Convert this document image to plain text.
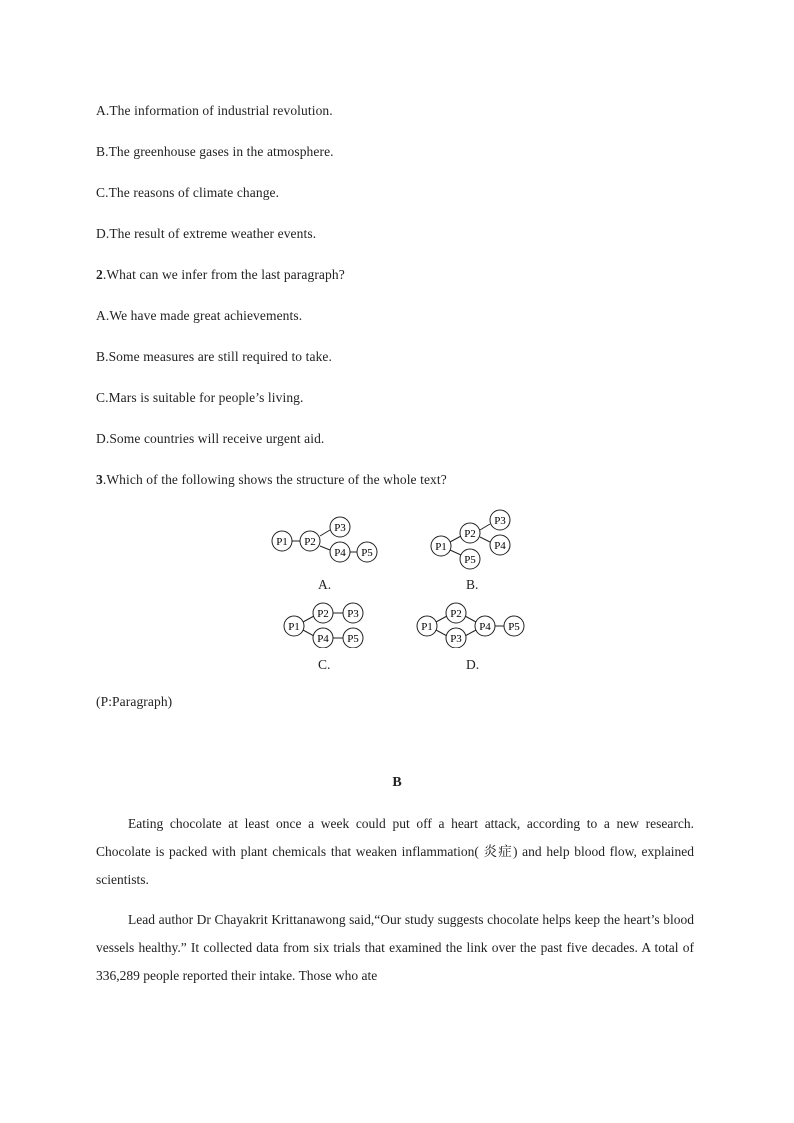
A.The information of industrial revolution.
B.The greenhouse gases in the atmosphere.
C.The reasons of climate change.
D.The result of extreme weather events.
2.What can we infer from the last paragraph?
A.We have made great achievements.
B.Some measures are still required to take.
C.Mars is suitable for people’s living.
D.Some countries will receive urgent aid.
3.Which of the following shows the structure of the whole text?
P1 P2
P3
P4 P5
A.
P1
P2
P3
P4
P5
B.
P1
P2 P3
P4 P5
C.
P1
P2
P3
P4 P5
D.
(P:Paragraph)
B
Eating chocolate at least once a week could put off a heart attack, according to a new research. Chocolate is packed with plant chemicals that weaken inflammation( 炎症) and help blood flow, explained scientists.
Lead author Dr Chayakrit Krittanawong said,“Our study suggests chocolate helps keep the heart’s blood vessels healthy.” It collected data from six trials that examined the link over the past five decades. A total of 336,289 people reported their intake. Those who ate
